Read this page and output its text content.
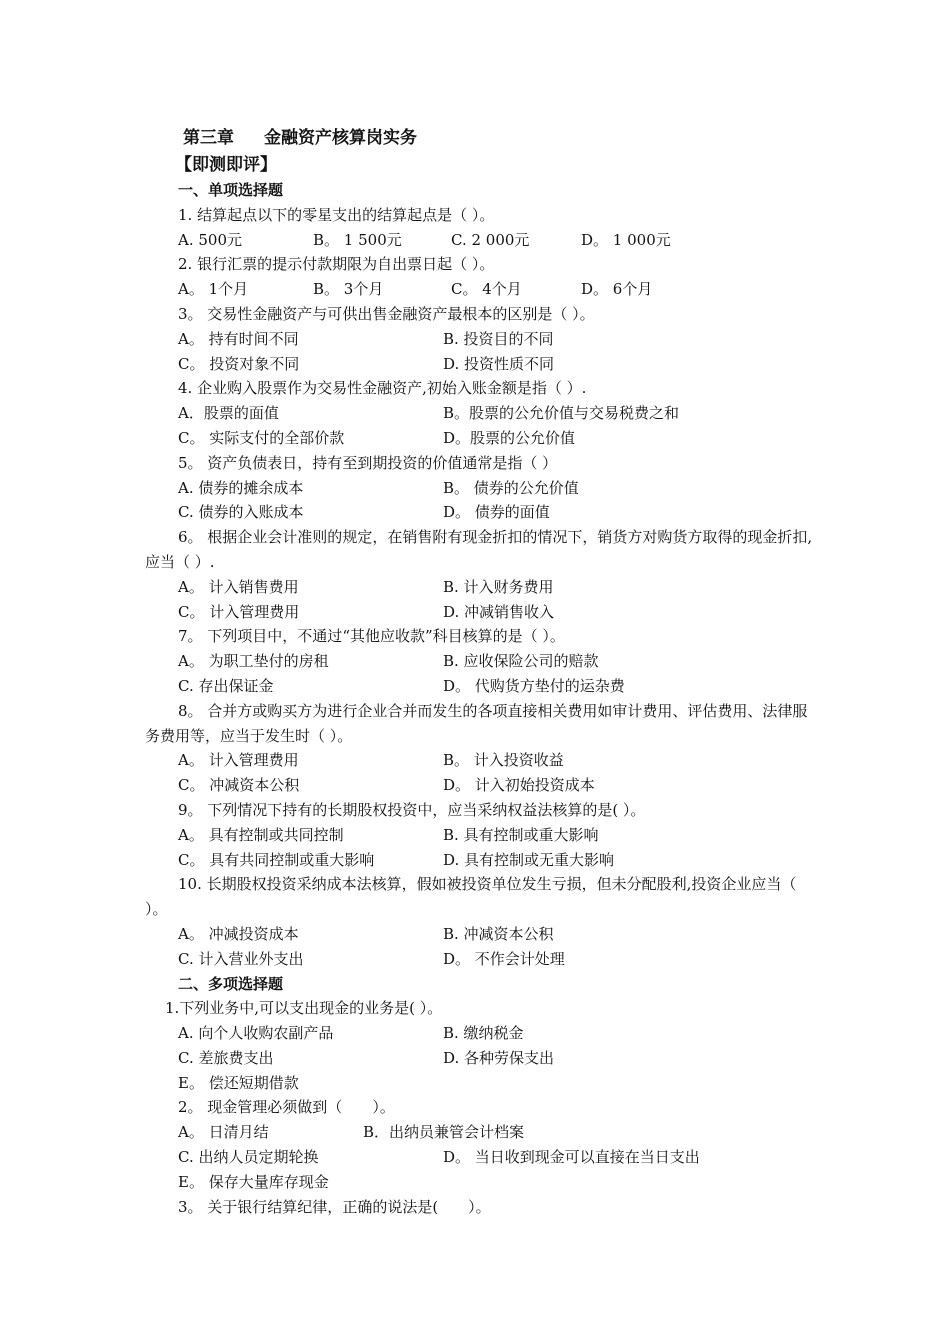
第三章 金融资产核算岗实务
【即测即评】
一、单项选择题
1. 结算起点以下的零星支出的结算起点是（ ）。
A. 500元	B。 1 500元	C. 2 000元	D。 1 000元
2. 银行汇票的提示付款期限为自出票日起（ ）。
A。 1个月	B。 3个月	C。 4个月	D。 6个月
3。 交易性金融资产与可供出售金融资产最根本的区别是（ ）。
A。 持有时间不同	B. 投资目的不同
C。 投资对象不同	D. 投资性质不同
4. 企业购入股票作为交易性金融资产,初始入账金额是指（ ）.
A．股票的面值	B。股票的公允价值与交易税费之和
C。 实际支付的全部价款	D。股票的公允价值
5。 资产负债表日，持有至到期投资的价值通常是指（ ）
A. 债券的摊余成本	B。 债券的公允价值
C. 债券的入账成本	D。 债券的面值
6。 根据企业会计准则的规定，在销售附有现金折扣的情况下，销货方对购货方取得的现金折扣,应当（ ）.
A。 计入销售费用	B. 计入财务费用
C。 计入管理费用	D. 冲减销售收入
7。 下列项目中，不通过“其他应收款”科目核算的是（ ）。
A。 为职工垫付的房租	B. 应收保险公司的赔款
C. 存出保证金	D。 代购货方垫付的运杂费
8。 合并方或购买方为进行企业合并而发生的各项直接相关费用如审计费用、评估费用、法律服务费用等，应当于发生时（ ）。
A。 计入管理费用	B。 计入投资收益
C。 冲减资本公积	D。 计入初始投资成本
9。 下列情况下持有的长期股权投资中，应当采纳权益法核算的是( ）。
A。 具有控制或共同控制	B. 具有控制或重大影响
C。 具有共同控制或重大影响	D. 具有控制或无重大影响
10. 长期股权投资采纳成本法核算，假如被投资单位发生亏损，但未分配股利,投资企业应当（ ）。
A。 冲减投资成本	B. 冲减资本公积
C. 计入营业外支出	D。 不作会计处理
二、多项选择题
1.下列业务中,可以支出现金的业务是( ）。
A. 向个人收购农副产品	B. 缴纳税金
C. 差旅费支出	D. 各种劳保支出
E。 偿还短期借款
2。 现金管理必须做到（　　）。
A。 日清月结	B．出纳员兼管会计档案
C. 出纳人员定期轮换	D。 当日收到现金可以直接在当日支出
E。 保存大量库存现金
3。 关于银行结算纪律，正确的说法是(　　）。
